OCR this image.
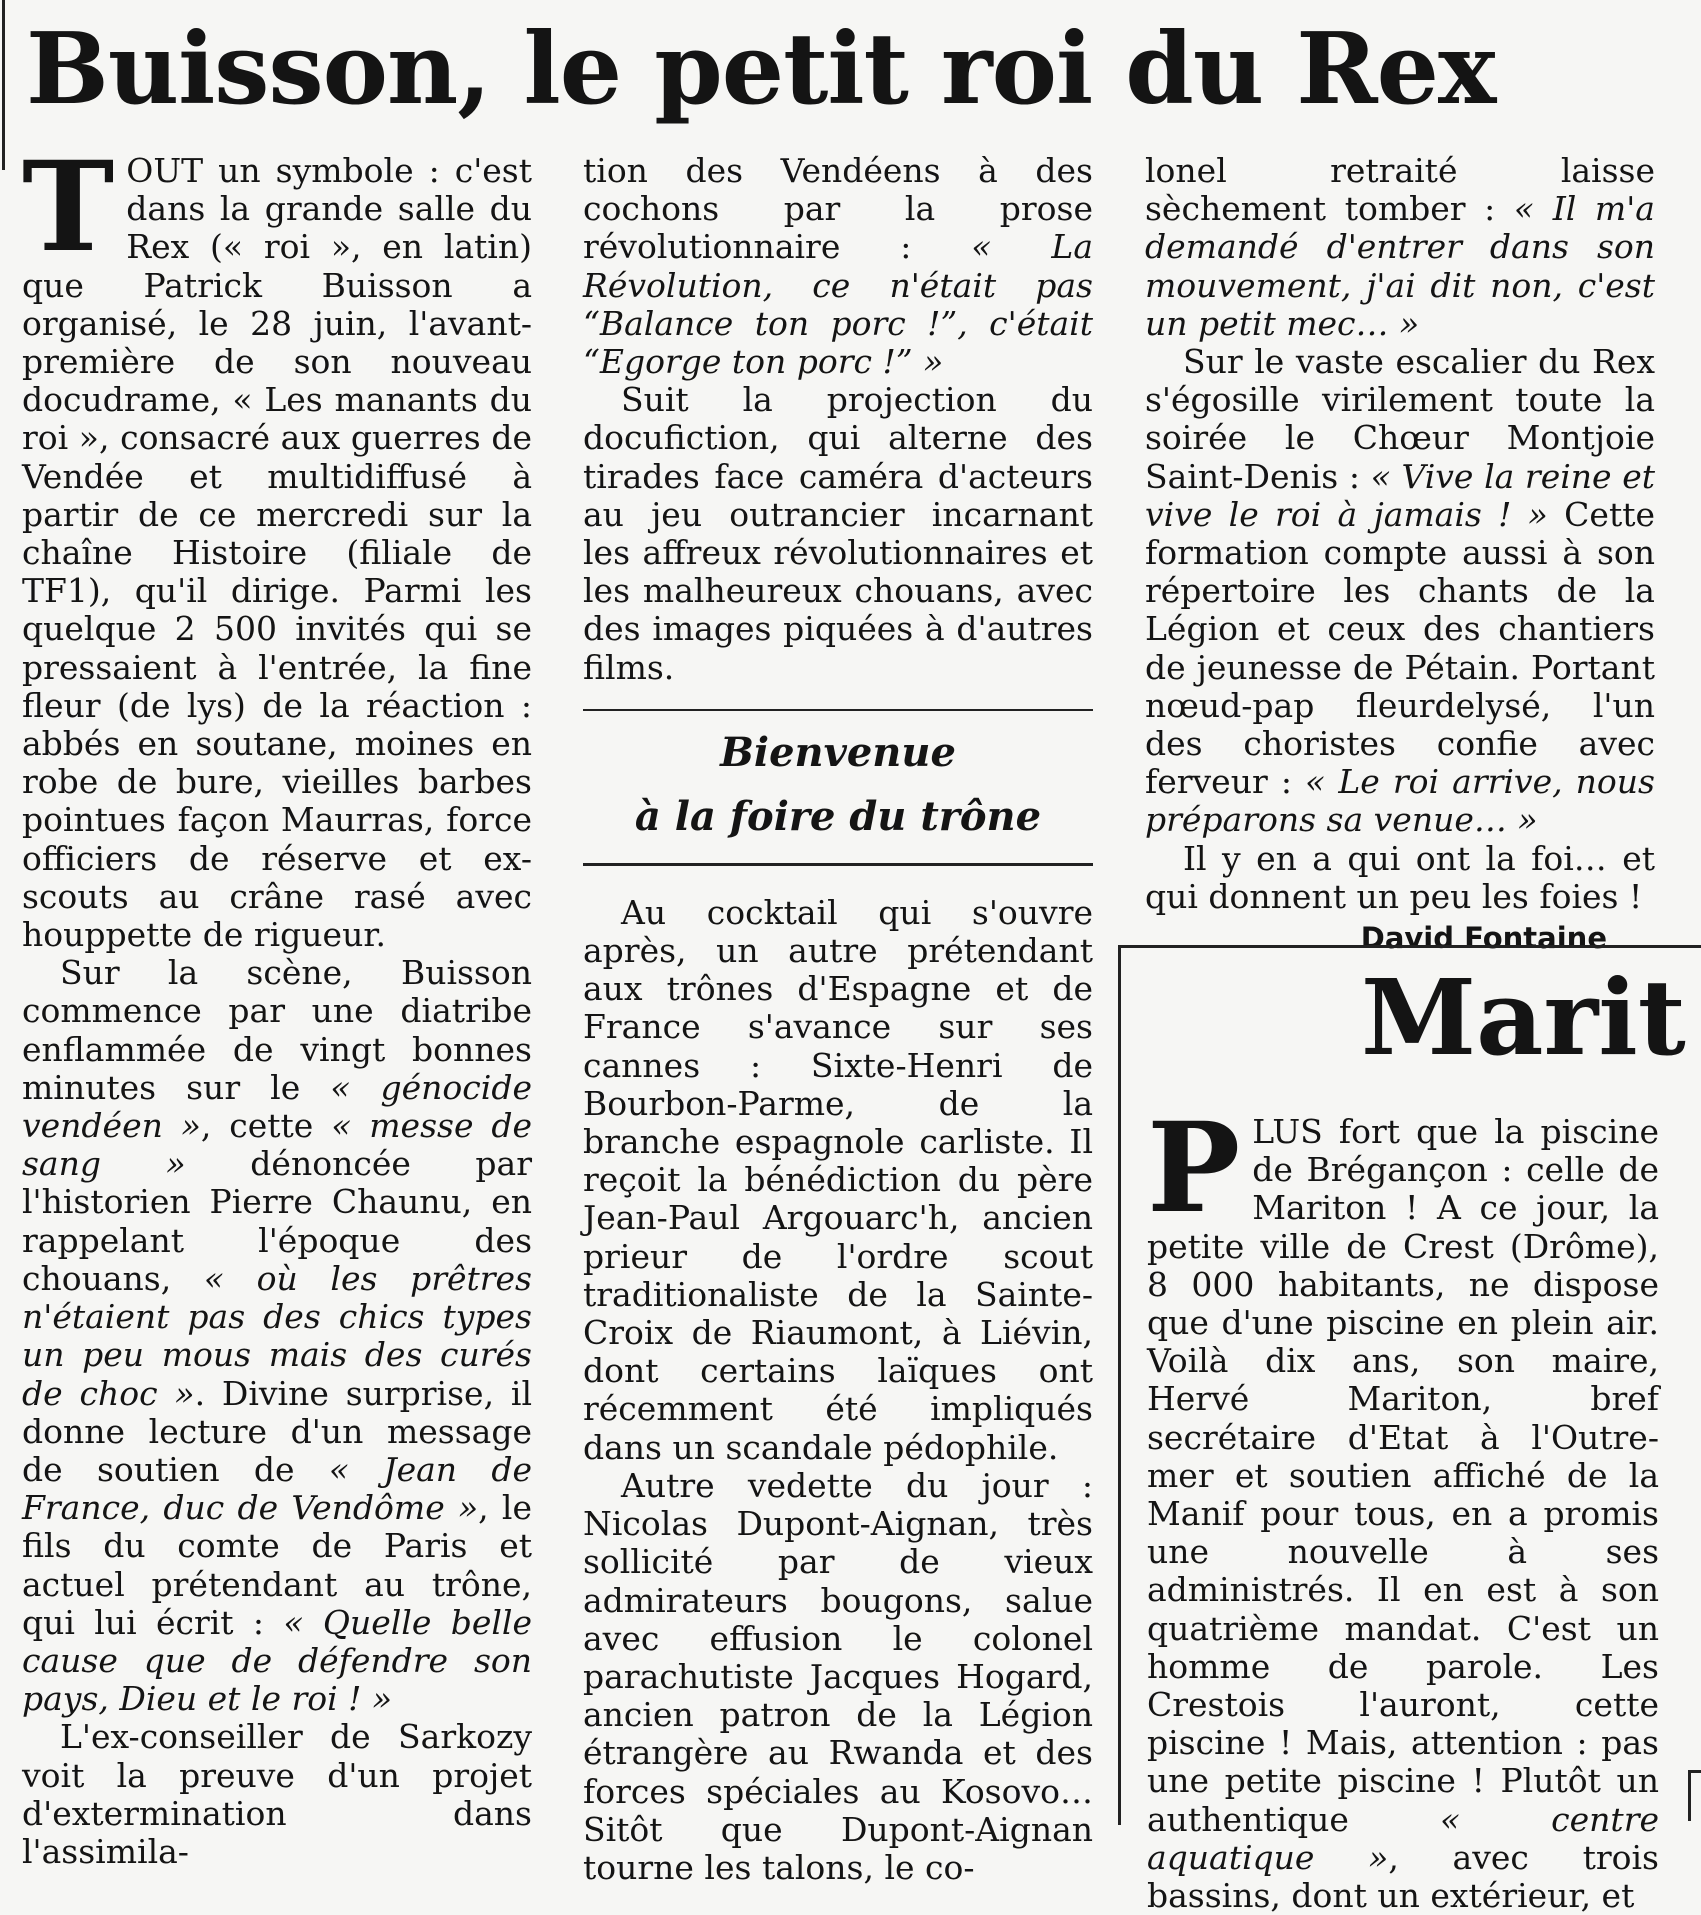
Buisson, le petit roi du Rex

TOUT un symbole : c'est dans la grande salle du Rex (« roi », en latin) que Patrick Buisson a organisé, le 28 juin, l'avant-première de son nouveau docudrame, « Les manants du roi », consacré aux guerres de Vendée et multidiffusé à partir de ce mercredi sur la chaîne Histoire (filiale de TF1), qu'il dirige. Parmi les quelque 2 500 invités qui se pressaient à l'entrée, la fine fleur (de lys) de la réaction : abbés en soutane, moines en robe de bure, vieilles barbes pointues façon Maurras, force officiers de réserve et ex-scouts au crâne rasé avec houppette de rigueur.

Sur la scène, Buisson commence par une diatribe enflammée de vingt bonnes minutes sur le « génocide vendéen », cette « messe de sang » dénoncée par l'historien Pierre Chaunu, en rappelant l'époque des chouans, « où les prêtres n'étaient pas des chics types un peu mous mais des curés de choc ». Divine surprise, il donne lecture d'un message de soutien de « Jean de France, duc de Vendôme », le fils du comte de Paris et actuel prétendant au trône, qui lui écrit : « Quelle belle cause que de défendre son pays, Dieu et le roi ! »

L'ex-conseiller de Sarkozy voit la preuve d'un projet d'extermination dans l'assimila-

tion des Vendéens à des cochons par la prose révolutionnaire : « La Révolution, ce n'était pas “Balance ton porc !”, c'était “Egorge ton porc !” »

Suit la projection du docufiction, qui alterne des tirades face caméra d'acteurs au jeu outrancier incarnant les affreux révolutionnaires et les malheureux chouans, avec des images piquées à d'autres films.

Bienvenue
à la foire du trône

Au cocktail qui s'ouvre après, un autre prétendant aux trônes d'Espagne et de France s'avance sur ses cannes : Sixte-Henri de Bourbon-Parme, de la branche espagnole carliste. Il reçoit la bénédiction du père Jean-Paul Argouarc'h, ancien prieur de l'ordre scout traditionaliste de la Sainte-Croix de Riaumont, à Liévin, dont certains laïques ont récemment été impliqués dans un scandale pédophile.

Autre vedette du jour : Nicolas Dupont-Aignan, très sollicité par de vieux admirateurs bougons, salue avec effusion le colonel parachutiste Jacques Hogard, ancien patron de la Légion étrangère au Rwanda et des forces spéciales au Kosovo… Sitôt que Dupont-Aignan tourne les talons, le co-

lonel retraité laisse sèchement tomber : « Il m'a demandé d'entrer dans son mouvement, j'ai dit non, c'est un petit mec… »

Sur le vaste escalier du Rex s'égosille virilement toute la soirée le Chœur Montjoie Saint-Denis : « Vive la reine et vive le roi à jamais ! » Cette formation compte aussi à son répertoire les chants de la Légion et ceux des chantiers de jeunesse de Pétain. Portant nœud-pap fleurdelysé, l'un des choristes confie avec ferveur : « Le roi arrive, nous préparons sa venue… »

Il y en a qui ont la foi… et qui donnent un peu les foies !

David Fontaine
Marit

PLUS fort que la piscine de Brégançon : celle de Mariton ! A ce jour, la petite ville de Crest (Drôme), 8 000 habitants, ne dispose que d'une piscine en plein air. Voilà dix ans, son maire, Hervé Mariton, bref secrétaire d'Etat à l'Outre-mer et soutien affiché de la Manif pour tous, en a promis une nouvelle à ses administrés. Il en est à son quatrième mandat. C'est un homme de parole. Les Crestois l'auront, cette piscine ! Mais, attention : pas une petite piscine ! Plutôt un authentique « centre aquatique », avec trois bassins, dont un extérieur, et
